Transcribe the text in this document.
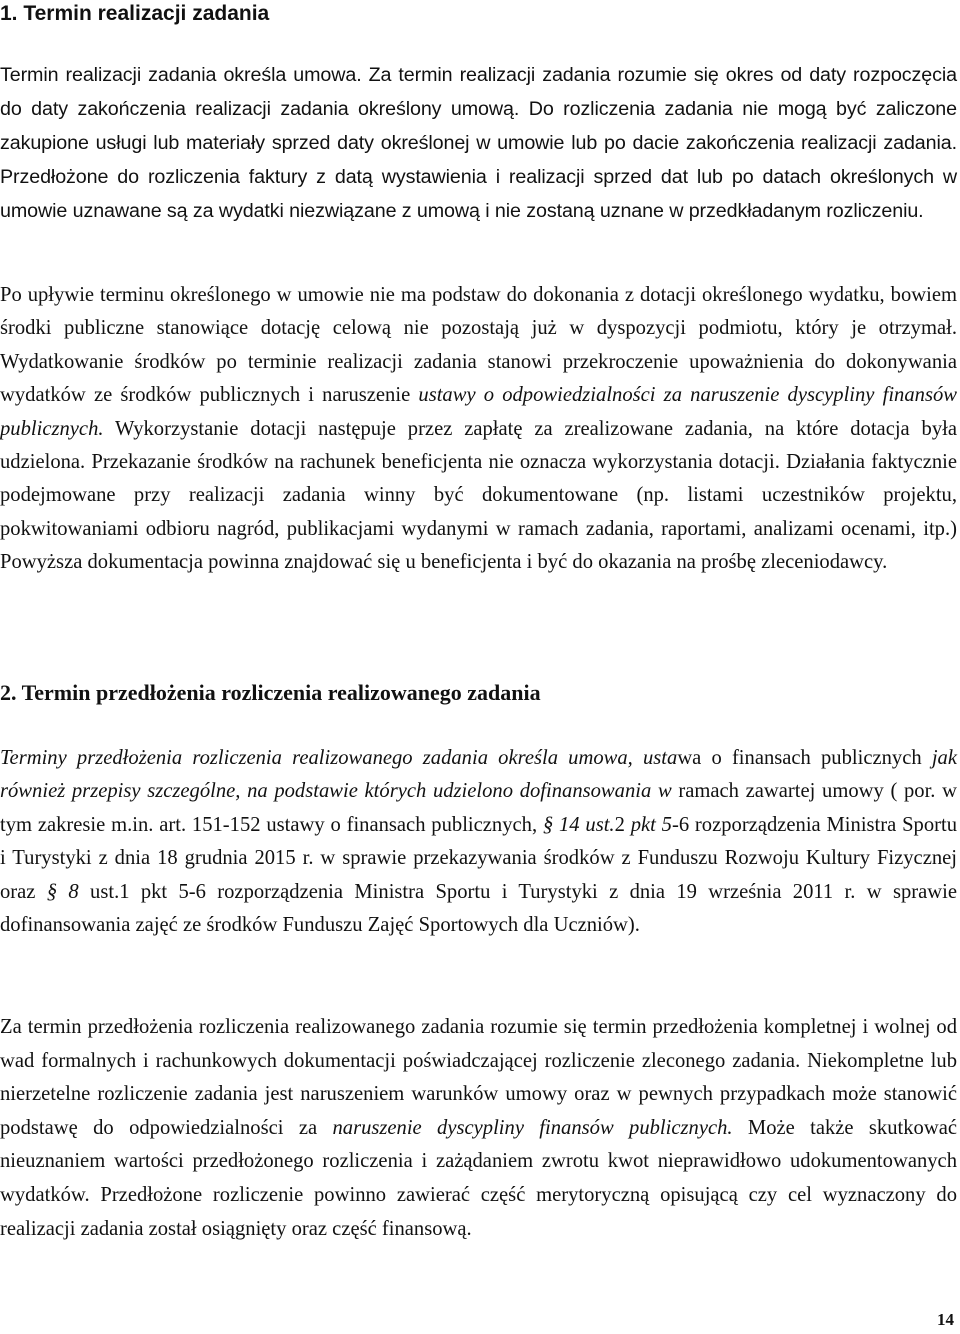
1. Termin realizacji zadania

Termin realizacji zadania określa umowa. Za termin realizacji zadania rozumie się okres od daty rozpoczęcia do daty zakończenia realizacji zadania określony umową. Do rozliczenia zadania nie mogą być zaliczone zakupione usługi lub materiały sprzed daty określonej w umowie lub po dacie zakończenia realizacji zadania. Przedłożone do rozliczenia faktury z datą wystawienia i realizacji sprzed dat lub po datach określonych w umowie uznawane są za wydatki niezwiązane z umową i nie zostaną uznane w przedkładanym rozliczeniu.

Po upływie terminu określonego w umowie nie ma podstaw do dokonania z dotacji określonego wydatku, bowiem środki publiczne stanowiące dotację celową nie pozostają już w dyspozycji podmiotu, który je otrzymał. Wydatkowanie środków po terminie realizacji zadania stanowi przekroczenie upoważnienia do dokonywania wydatków ze środków publicznych i naruszenie ustawy o odpowiedzialności za naruszenie dyscypliny finansów publicznych. Wykorzystanie dotacji następuje przez zapłatę za zrealizowane zadania, na które dotacja była udzielona. Przekazanie środków na rachunek beneficjenta nie oznacza wykorzystania dotacji. Działania faktycznie podejmowane przy realizacji zadania winny być dokumentowane (np. listami uczestników projektu, pokwitowaniami odbioru nagród, publikacjami wydanymi w ramach zadania, raportami, analizami ocenami, itp.) Powyższa dokumentacja powinna znajdować się u beneficjenta i być do okazania na prośbę zleceniodawcy.

2. Termin przedłożenia rozliczenia realizowanego zadania

Terminy przedłożenia rozliczenia realizowanego zadania określa umowa, ustawa o finansach publicznych jak również przepisy szczególne, na podstawie których udzielono dofinansowania w ramach zawartej umowy ( por. w tym zakresie m.in. art. 151-152 ustawy o finansach publicznych, § 14 ust.2 pkt 5-6 rozporządzenia Ministra Sportu i Turystyki z dnia 18 grudnia 2015 r. w sprawie przekazywania środków z Funduszu Rozwoju Kultury Fizycznej oraz § 8 ust.1 pkt 5-6 rozporządzenia Ministra Sportu i Turystyki z dnia 19 września 2011 r. w sprawie dofinansowania zajęć ze środków Funduszu Zajęć Sportowych dla Uczniów).

Za termin przedłożenia rozliczenia realizowanego zadania rozumie się termin przedłożenia kompletnej i wolnej od wad formalnych i rachunkowych dokumentacji poświadczającej rozliczenie zleconego zadania. Niekompletne lub nierzetelne rozliczenie zadania jest naruszeniem warunków umowy oraz w pewnych przypadkach może stanowić podstawę do odpowiedzialności za naruszenie dyscypliny finansów publicznych. Może także skutkować nieuznaniem wartości przedłożonego rozliczenia i zażądaniem zwrotu kwot nieprawidłowo udokumentowanych wydatków. Przedłożone rozliczenie powinno zawierać część merytoryczną opisującą czy cel wyznaczony do realizacji zadania został osiągnięty oraz część finansową.

14
